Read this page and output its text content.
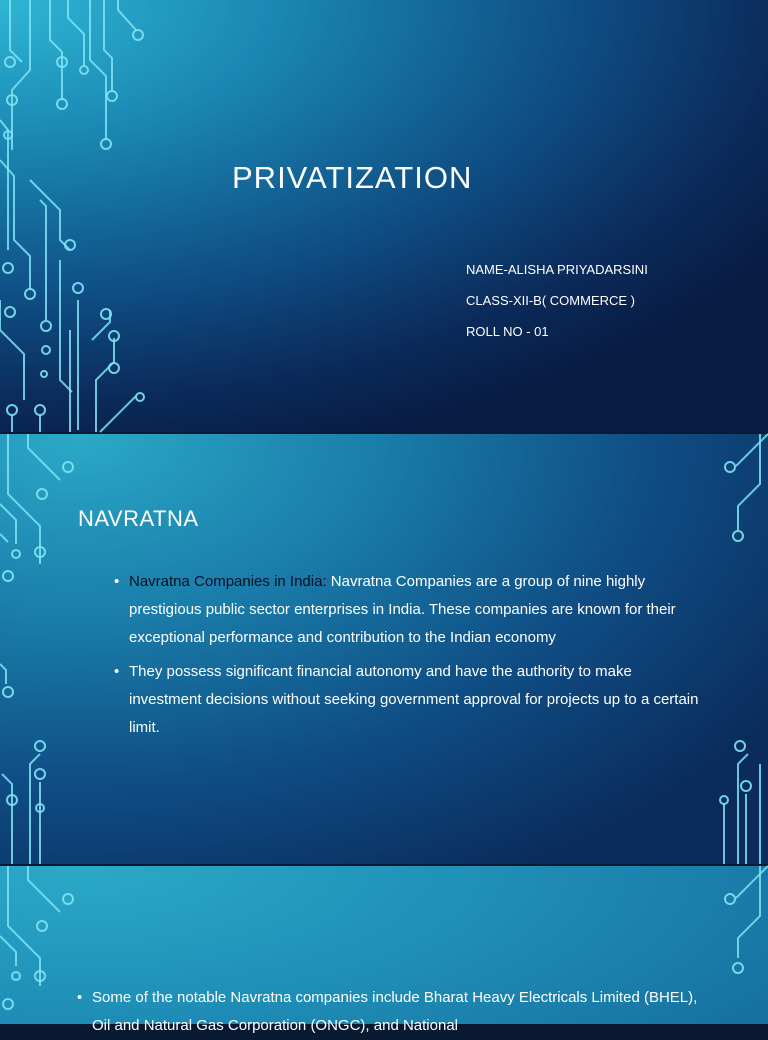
PRIVATIZATION
NAME-ALISHA PRIYADARSINI
CLASS-XII-B( COMMERCE )
ROLL NO - 01
NAVRATNA
• Navratna Companies in India: Navratna Companies are a group of nine highly prestigious public sector enterprises in India. These companies are known for their exceptional performance and contribution to the Indian economy
• They possess significant financial autonomy and have the authority to make investment decisions without seeking government approval for projects up to a certain limit.
• Some of the notable Navratna companies include Bharat Heavy Electricals Limited (BHEL), Oil and Natural Gas Corporation (ONGC), and National
